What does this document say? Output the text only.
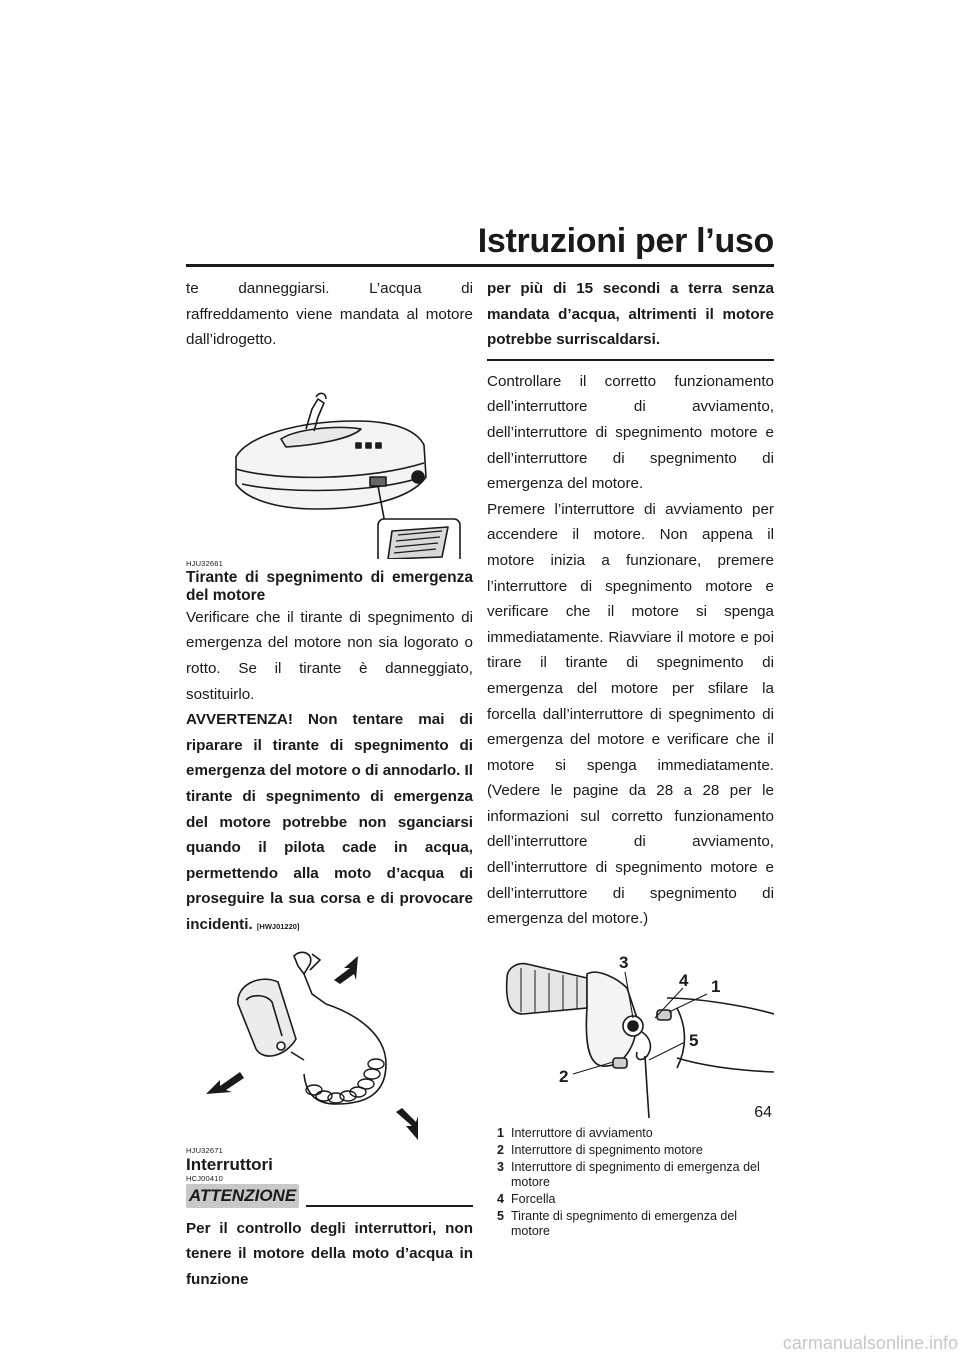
Istruzioni per l’uso

te danneggiarsi. L’acqua di raffreddamento viene mandata al motore dall’idrogetto.

HJU32661

Tirante di spegnimento di emergenza del motore

Verificare che il tirante di spegnimento di emergenza del motore non sia logorato o rotto. Se il tirante è danneggiato, sostituirlo.

AVVERTENZA! Non tentare mai di riparare il tirante di spegnimento di emergenza del motore o di annodarlo. Il tirante di spegnimento di emergenza del motore potrebbe non sganciarsi quando il pilota cade in acqua, permettendo alla moto d’acqua di proseguire la sua corsa e di provocare incidenti. [HWJ01220]

HJU32671

Interruttori

HCJ00410
ATTENZIONE

Per il controllo degli interruttori, non tenere il motore della moto d’acqua in funzione

per più di 15 secondi a terra senza mandata d’acqua, altrimenti il motore potrebbe surriscaldarsi.

Controllare il corretto funzionamento dell’interruttore di avviamento, dell’interruttore di spegnimento motore e dell’interruttore di spegnimento di emergenza del motore.

Premere l’interruttore di avviamento per accendere il motore. Non appena il motore inizia a funzionare, premere l’interruttore di spegnimento motore e verificare che il motore si spenga immediatamente. Riavviare il motore e poi tirare il tirante di spegnimento di emergenza del motore per sfilare la forcella dall’interruttore di spegnimento di emergenza del motore e verificare che il motore si spenga immediatamente. (Vedere le pagine da 28 a 28 per le informazioni sul corretto funzionamento dell’interruttore di avviamento, dell’interruttore di spegnimento motore e dell’interruttore di spegnimento di emergenza del motore.)

3
4 1
5
2
1 Interruttore di avviamento
2 Interruttore di spegnimento motore
3 Interruttore di spegnimento di emergenza del motore
4 Forcella
5 Tirante di spegnimento di emergenza del motore
64
carmanualsonline.info
